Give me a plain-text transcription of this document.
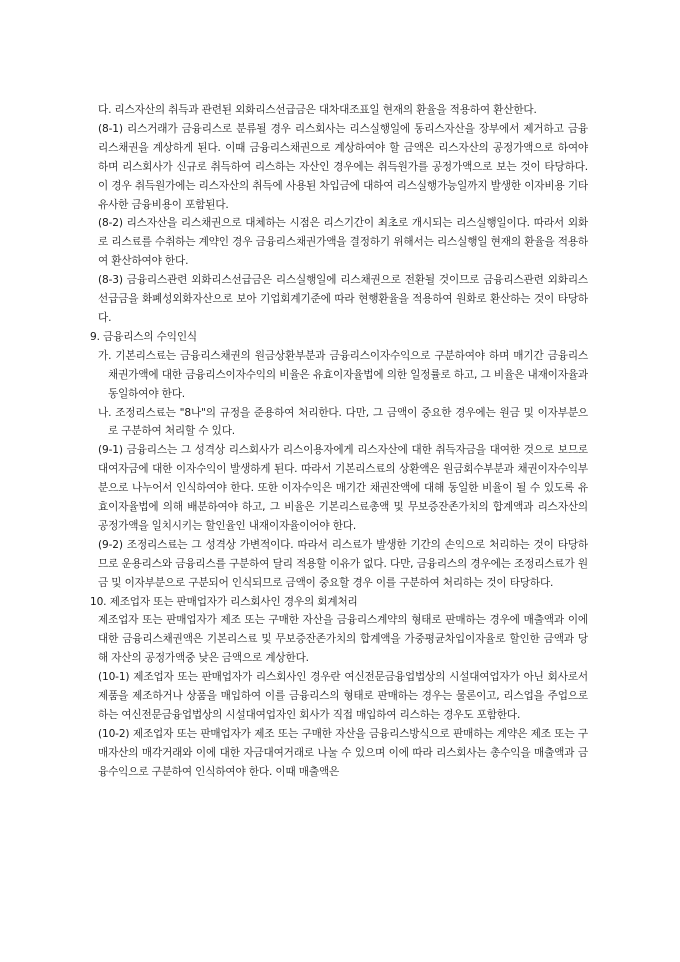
다. 리스자산의 취득과 관련된 외화리스선급금은 대차대조표일 현재의 환율을 적용하여 환산한다.

(8-1) 리스거래가 금융리스로 분류될 경우 리스회사는 리스실행일에 동리스자산을 장부에서 제거하고 금융리스채권을 계상하게 된다. 이때 금융리스채권으로 계상하여야 할 금액은 리스자산의 공정가액으로 하여야 하며 리스회사가 신규로 취득하여 리스하는 자산인 경우에는 취득원가를 공정가액으로 보는 것이 타당하다. 이 경우 취득원가에는 리스자산의 취득에 사용된 차입금에 대하여 리스실행가능일까지 발생한 이자비용 기타 유사한 금융비용이 포함된다.

(8-2) 리스자산을 리스채권으로 대체하는 시점은 리스기간이 최초로 개시되는 리스실행일이다. 따라서 외화로 리스료를 수취하는 계약인 경우 금융리스채권가액을 결정하기 위해서는 리스실행일 현재의 환율을 적용하여 환산하여야 한다.

(8-3) 금융리스관련 외화리스선급금은 리스실행일에 리스채권으로 전환될 것이므로 금융리스관련 외화리스선급금을 화폐성외화자산으로 보아 기업회계기준에 따라 현행환율을 적용하여 원화로 환산하는 것이 타당하다.

9. 금융리스의 수익인식

가. 기본리스료는 금융리스채권의 원금상환부분과 금융리스이자수익으로 구분하여야 하며 매기간 금융리스채권가액에 대한 금융리스이자수익의 비율은 유효이자율법에 의한 일정률로 하고, 그 비율은 내재이자율과 동일하여야 한다.

나. 조정리스료는 "8나"의 규정을 준용하여 처리한다. 다만, 그 금액이 중요한 경우에는 원금 및 이자부분으로 구분하여 처리할 수 있다.

(9-1) 금융리스는 그 성격상 리스회사가 리스이용자에게 리스자산에 대한 취득자금을 대여한 것으로 보므로 대여자금에 대한 이자수익이 발생하게 된다. 따라서 기본리스료의 상환액은 원금회수부분과 채권이자수익부분으로 나누어서 인식하여야 한다. 또한 이자수익은 매기간 채권잔액에 대해 동일한 비율이 될 수 있도록 유효이자율법에 의해 배분하여야 하고, 그 비율은 기본리스료총액 및 무보증잔존가치의 합계액과 리스자산의 공정가액을 일치시키는 할인율인 내재이자율이어야 한다.

(9-2) 조정리스료는 그 성격상 가변적이다. 따라서 리스료가 발생한 기간의 손익으로 처리하는 것이 타당하므로 운용리스와 금융리스를 구분하여 달리 적용할 이유가 없다. 다만, 금융리스의 경우에는 조정리스료가 원금 및 이자부분으로 구분되어 인식되므로 금액이 중요할 경우 이를 구분하여 처리하는 것이 타당하다.

10. 제조업자 또는 판매업자가 리스회사인 경우의 회계처리

제조업자 또는 판매업자가 제조 또는 구매한 자산을 금융리스계약의 형태로 판매하는 경우에 매출액과 이에 대한 금융리스채권액은 기본리스료 및 무보증잔존가치의 합계액을 가중평균차입이자율로 할인한 금액과 당해 자산의 공정가액중 낮은 금액으로 계상한다.

(10-1) 제조업자 또는 판매업자가 리스회사인 경우란 여신전문금융업법상의 시설대여업자가 아닌 회사로서 제품을 제조하거나 상품을 매입하여 이를 금융리스의 형태로 판매하는 경우는 물론이고, 리스업을 주업으로 하는 여신전문금융업법상의 시설대여업자인 회사가 직접 매입하여 리스하는 경우도 포함한다.

(10-2) 제조업자 또는 판매업자가 제조 또는 구매한 자산을 금융리스방식으로 판매하는 계약은 제조 또는 구매자산의 매각거래와 이에 대한 자금대여거래로 나눌 수 있으며 이에 따라 리스회사는 총수익을 매출액과 금융수익으로 구분하여 인식하여야 한다. 이때 매출액은
